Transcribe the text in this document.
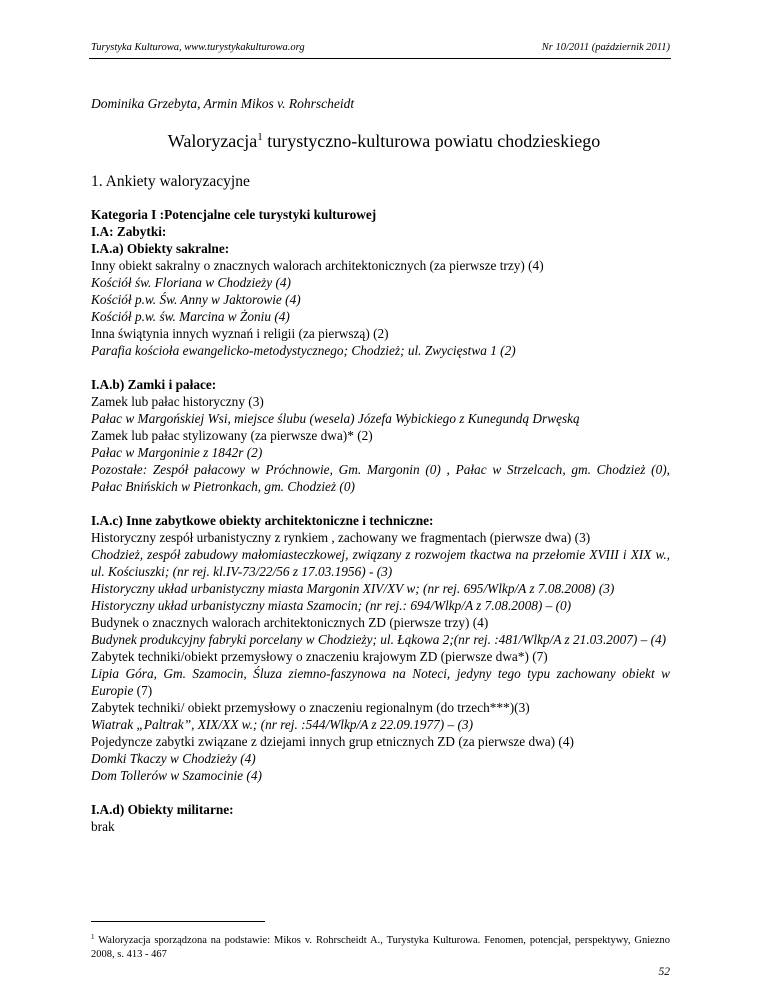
Turystyka Kulturowa, www.turystykakulturowa.org	Nr 10/2011 (październik 2011)
Dominika Grzebyta, Armin Mikos v. Rohrscheidt
Waloryzacja$^1$ turystyczno-kulturowa powiatu chodzieskiego
1. Ankiety waloryzacyjne
Kategoria I :Potencjalne cele turystyki kulturowej
I.A: Zabytki:
I.A.a) Obiekty sakralne:
Inny obiekt sakralny o znacznych walorach architektonicznych (za pierwsze trzy) (4)
Kościół św. Floriana w Chodzieży (4)
Kościół p.w. Św. Anny w Jaktorowie (4)
Kościół p.w. św. Marcina w Żoniu (4)
Inna świątynia innych wyznań i religii (za pierwszą) (2)
Parafia kościoła ewangelicko-metodystycznego; Chodzież; ul. Zwycięstwa 1 (2)
I.A.b) Zamki i pałace:
Zamek lub pałac historyczny (3)
Pałac w Margońskiej Wsi, miejsce ślubu (wesela) Józefa Wybickiego z Kunegundą Drwęską
Zamek lub pałac stylizowany (za pierwsze dwa)* (2)
Pałac w Margoninie z 1842r (2)
Pozostałe: Zespół pałacowy w Próchnowie, Gm. Margonin (0) , Pałac w Strzelcach, gm. Chodzież (0), Pałac Bnińskich w Pietronkach, gm. Chodzież (0)
I.A.c) Inne zabytkowe obiekty architektoniczne i techniczne:
Historyczny zespół urbanistyczny z rynkiem , zachowany we fragmentach (pierwsze dwa) (3)
Chodzież, zespół zabudowy małomiasteczkowej, związany z rozwojem tkactwa na przełomie XVIII i XIX w., ul. Kościuszki; (nr rej. kl.IV-73/22/56 z 17.03.1956) - (3)
Historyczny układ urbanistyczny miasta Margonin XIV/XV w; (nr rej. 695/Wlkp/A z 7.08.2008) (3)
Historyczny układ urbanistyczny miasta Szamocin; (nr rej.: 694/Wlkp/A z 7.08.2008) – (0)
Budynek o znacznych walorach architektonicznych ZD (pierwsze trzy) (4)
Budynek produkcyjny fabryki porcelany w Chodzieży; ul. Łąkowa 2;(nr rej. :481/Wlkp/A z 21.03.2007) – (4)
Zabytek techniki/obiekt przemysłowy o znaczeniu krajowym ZD (pierwsze dwa*) (7)
Lipia Góra, Gm. Szamocin, Śluza ziemno-faszynowa na Noteci, jedyny tego typu zachowany obiekt w Europie (7)
Zabytek techniki/ obiekt przemysłowy o znaczeniu regionalnym (do trzech***)(3)
Wiatrak „Paltrak”, XIX/XX w.; (nr rej. :544/Wlkp/A z 22.09.1977) – (3)
Pojedyncze zabytki związane z dziejami innych grup etnicznych ZD (za pierwsze dwa) (4)
Domki Tkaczy w Chodzieży (4)
Dom Tollerów w Szamocinie (4)
I.A.d) Obiekty militarne:
brak
$^1$ Waloryzacja sporządzona na podstawie: Mikos v. Rohrscheidt A., Turystyka Kulturowa. Fenomen, potencjał, perspektywy, Gniezno 2008, s. 413 - 467
52
